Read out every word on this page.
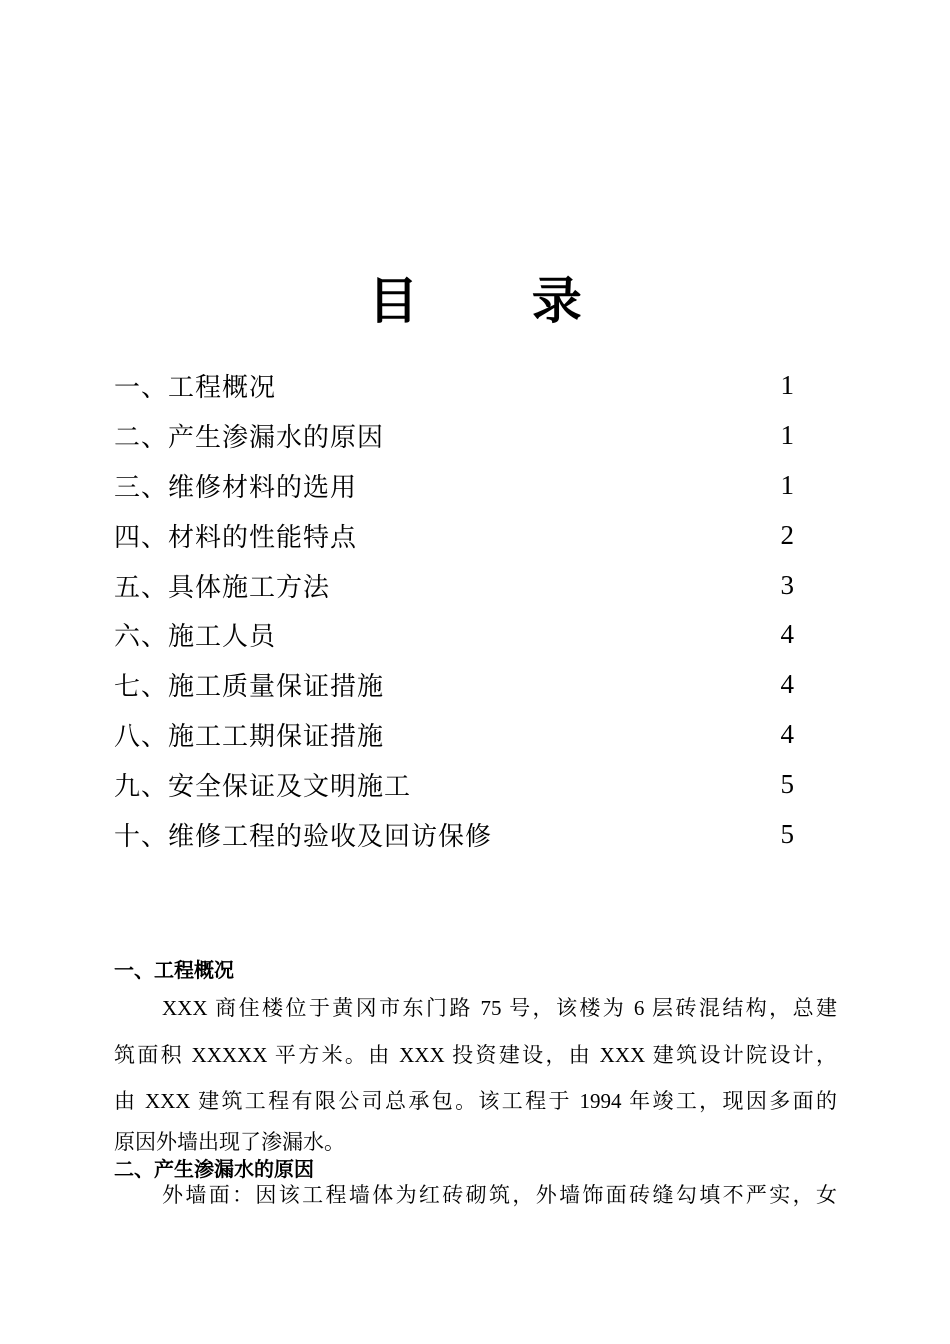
目 录
一、工程概况	1
二、产生渗漏水的原因	1
三、维修材料的选用	1
四、材料的性能特点	2
五、具体施工方法	3
六、施工人员	4
七、施工质量保证措施	4
八、施工工期保证措施	4
九、安全保证及文明施工	5
十、维修工程的验收及回访保修	5
一、工程概况
XXX 商住楼位于黄冈市东门路 75 号，该楼为 6 层砖混结构，总建
筑面积 XXXXX 平方米。由 XXX 投资建设，由 XXX 建筑设计院设计，
由 XXX 建筑工程有限公司总承包。该工程于 1994 年竣工，现因多面的
原因外墙出现了渗漏水。
二、产生渗漏水的原因
外墙面：因该工程墙体为红砖砌筑，外墙饰面砖缝勾填不严实，女
